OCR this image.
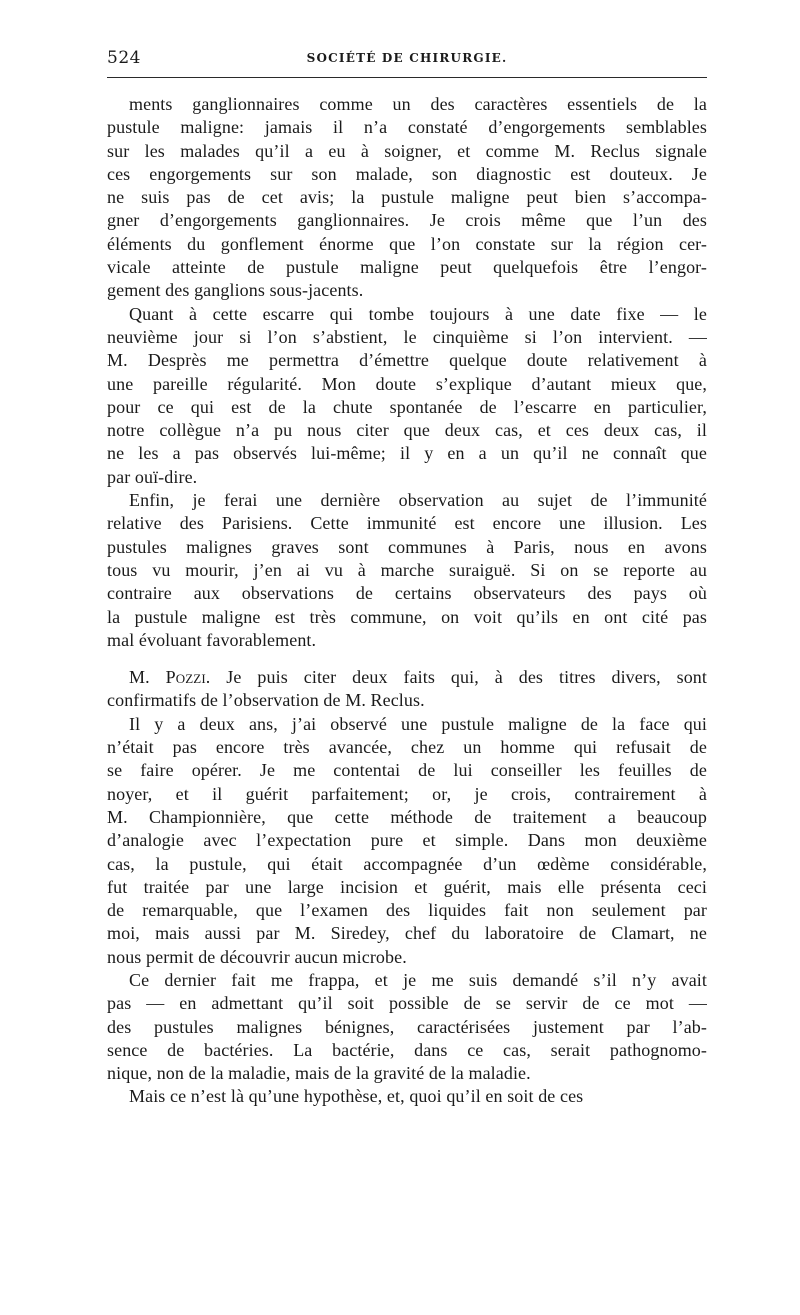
524	SOCIÉTÉ DE CHIRURGIE.
ments ganglionnaires comme un des caractères essentiels de la
pustule maligne: jamais il n’a constaté d’engorgements semblables
sur les malades qu’il a eu à soigner, et comme M. Reclus signale
ces engorgements sur son malade, son diagnostic est douteux. Je
ne suis pas de cet avis; la pustule maligne peut bien s’accompa-
gner d’engorgements ganglionnaires. Je crois même que l’un des
éléments du gonflement énorme que l’on constate sur la région cer-
vicale atteinte de pustule maligne peut quelquefois être l’engor-
gement des ganglions sous-jacents.
Quant à cette escarre qui tombe toujours à une date fixe — le
neuvième jour si l’on s’abstient, le cinquième si l’on intervient. —
M. Desprès me permettra d’émettre quelque doute relativement à
une pareille régularité. Mon doute s’explique d’autant mieux que,
pour ce qui est de la chute spontanée de l’escarre en particulier,
notre collègue n’a pu nous citer que deux cas, et ces deux cas, il
ne les a pas observés lui-même; il y en a un qu’il ne connaît que
par ouï-dire.
Enfin, je ferai une dernière observation au sujet de l’immunité
relative des Parisiens. Cette immunité est encore une illusion. Les
pustules malignes graves sont communes à Paris, nous en avons
tous vu mourir, j’en ai vu à marche suraiguë. Si on se reporte au
contraire aux observations de certains observateurs des pays où
la pustule maligne est très commune, on voit qu’ils en ont cité pas
mal évoluant favorablement.
M. Pozzi. Je puis citer deux faits qui, à des titres divers, sont
confirmatifs de l’observation de M. Reclus.
Il y a deux ans, j’ai observé une pustule maligne de la face qui
n’était pas encore très avancée, chez un homme qui refusait de
se faire opérer. Je me contentai de lui conseiller les feuilles de
noyer, et il guérit parfaitement; or, je crois, contrairement à
M. Championnière, que cette méthode de traitement a beaucoup
d’analogie avec l’expectation pure et simple. Dans mon deuxième
cas, la pustule, qui était accompagnée d’un œdème considérable,
fut traitée par une large incision et guérit, mais elle présenta ceci
de remarquable, que l’examen des liquides fait non seulement par
moi, mais aussi par M. Siredey, chef du laboratoire de Clamart, ne
nous permit de découvrir aucun microbe.
Ce dernier fait me frappa, et je me suis demandé s’il n’y avait
pas — en admettant qu’il soit possible de se servir de ce mot —
des pustules malignes bénignes, caractérisées justement par l’ab-
sence de bactéries. La bactérie, dans ce cas, serait pathognomo-
nique, non de la maladie, mais de la gravité de la maladie.
Mais ce n’est là qu’une hypothèse, et, quoi qu’il en soit de ces
